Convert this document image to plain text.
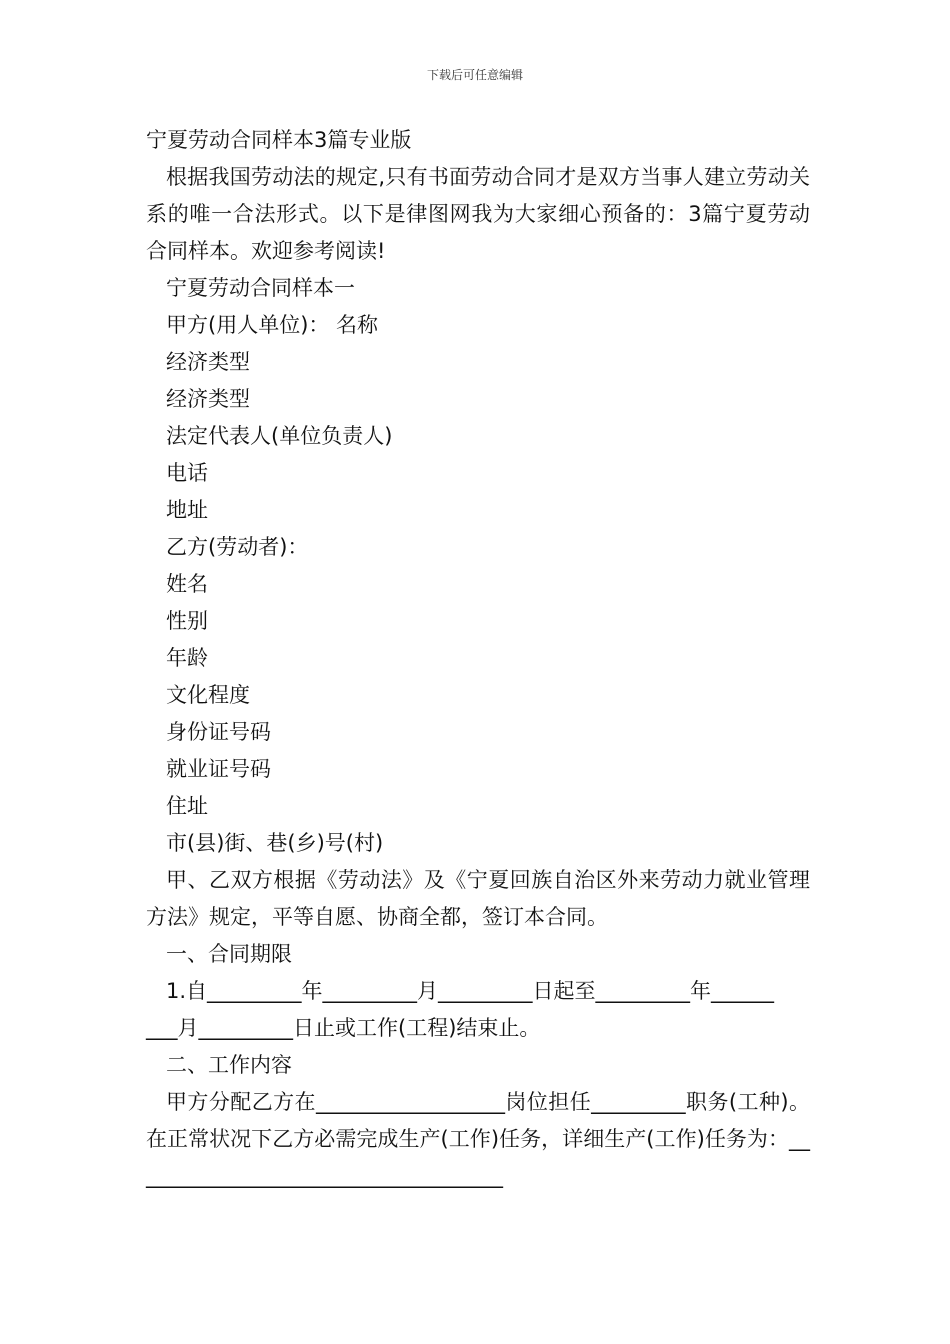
下载后可任意编辑
宁夏劳动合同样本3篇专业版
根据我国劳动法的规定,只有书面劳动合同才是双方当事人建立劳动关系的唯一合法形式。以下是律图网我为大家细心预备的：3篇宁夏劳动合同样本。欢迎参考阅读!
宁夏劳动合同样本一
甲方(用人单位)： 名称
经济类型
经济类型
法定代表人(单位负责人)
电话
地址
乙方(劳动者)：
姓名
性别
年龄
文化程度
身份证号码
就业证号码
住址
市(县)街、巷(乡)号(村)
甲、乙双方根据《劳动法》及《宁夏回族自治区外来劳动力就业管理方法》规定，平等自愿、协商全都，签订本合同。
一、合同期限
1.自_________年_________月_________日起至_________年______
___月_________日止或工作(工程)结束止。
二、工作内容
甲方分配乙方在__________________岗位担任_________职务(工种)。在正常状况下乙方必需完成生产(工作)任务，详细生产(工作)任务为：____________________________________
